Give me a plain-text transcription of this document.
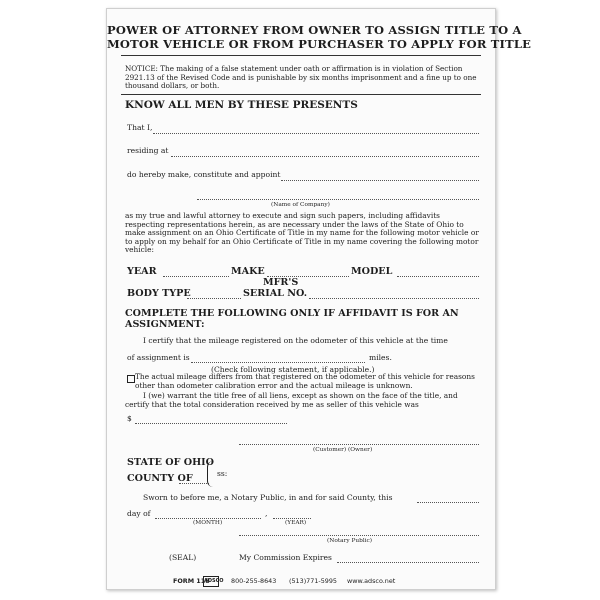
POWER OF ATTORNEY FROM OWNER TO ASSIGN TITLE TO A
MOTOR VEHICLE OR FROM PURCHASER TO APPLY FOR TITLE
NOTICE: The making of a false statement under oath or affirmation is in violation of Section 2921.13 of the Revised Code and is punishable by six months imprisonment and a fine up to one thousand dollars, or both.
KNOW ALL MEN BY THESE PRESENTS
That I,
residing at
do hereby make, constitute and appoint
(Name of Company)
as my true and lawful attorney to execute and sign such papers, including affidavits respecting representations herein, as are necessary under the laws of the State of Ohio to make assignment on an Ohio Certificate of Title in my name for the following motor vehicle or to apply on my behalf for an Ohio Certificate of Title in my name covering the following motor vehicle:
YEAR	MAKE	MODEL
BODY TYPE
MFR'S
SERIAL NO.
COMPLETE THE FOLLOWING ONLY IF AFFIDAVIT IS FOR AN
ASSIGNMENT:
I certify that the mileage registered on the odometer of this vehicle at the time
of assignment is	miles.
(Check following statement, if applicable.)
The actual mileage differs from that registered on the odometer of this vehicle for reasons other than odometer calibration error and the actual mileage is unknown.
I (we) warrant the title free of all liens, except as shown on the face of the title, and certify that the total consideration received by me as seller of this vehicle was
$
(Customer) (Owner)
STATE OF OHIO
COUNTY OF	ss:
Sworn to before me, a Notary Public, in and for said County, this
day of
(MONTH)
,
(YEAR)
(Notary Public)
(SEAL)	My Commission Expires
FORM 118
ADSCO 800-255-8643 (513)771-5995 www.adsco.net
